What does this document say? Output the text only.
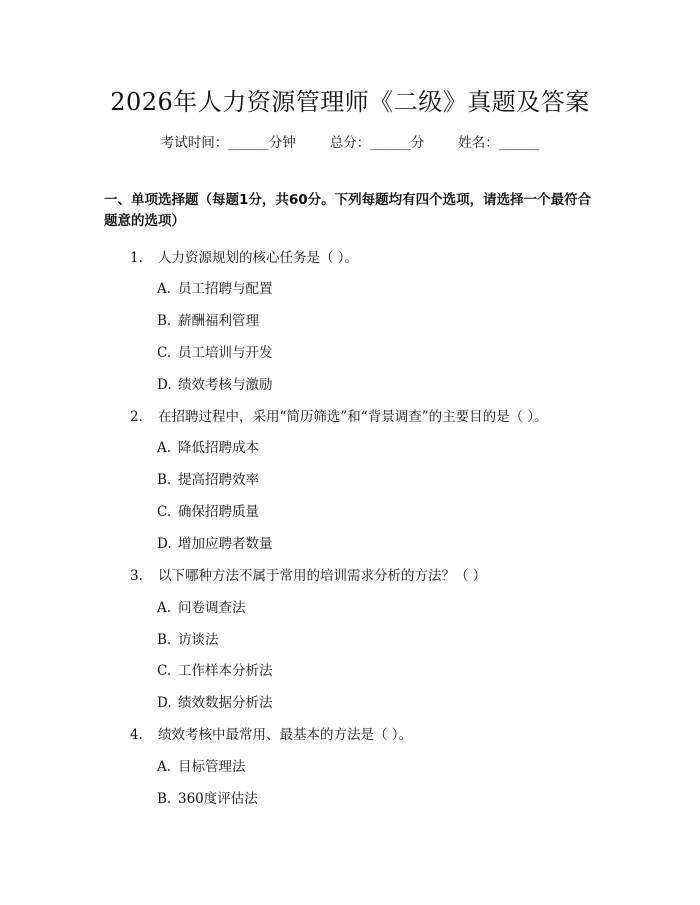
2026年人力资源管理师《二级》真题及答案
考试时间：______分钟	总分：______分	姓名：______
一、单项选择题（每题1分，共60分。下列每题均有四个选项，请选择一个最符合题意的选项）
1. 人力资源规划的核心任务是（ ）。
A. 员工招聘与配置
B. 薪酬福利管理
C. 员工培训与开发
D. 绩效考核与激励
2. 在招聘过程中，采用“简历筛选”和“背景调查”的主要目的是（ ）。
A. 降低招聘成本
B. 提高招聘效率
C. 确保招聘质量
D. 增加应聘者数量
3. 以下哪种方法不属于常用的培训需求分析的方法？（ ）
A. 问卷调查法
B. 访谈法
C. 工作样本分析法
D. 绩效数据分析法
4. 绩效考核中最常用、最基本的方法是（ ）。
A. 目标管理法
B. 360度评估法
